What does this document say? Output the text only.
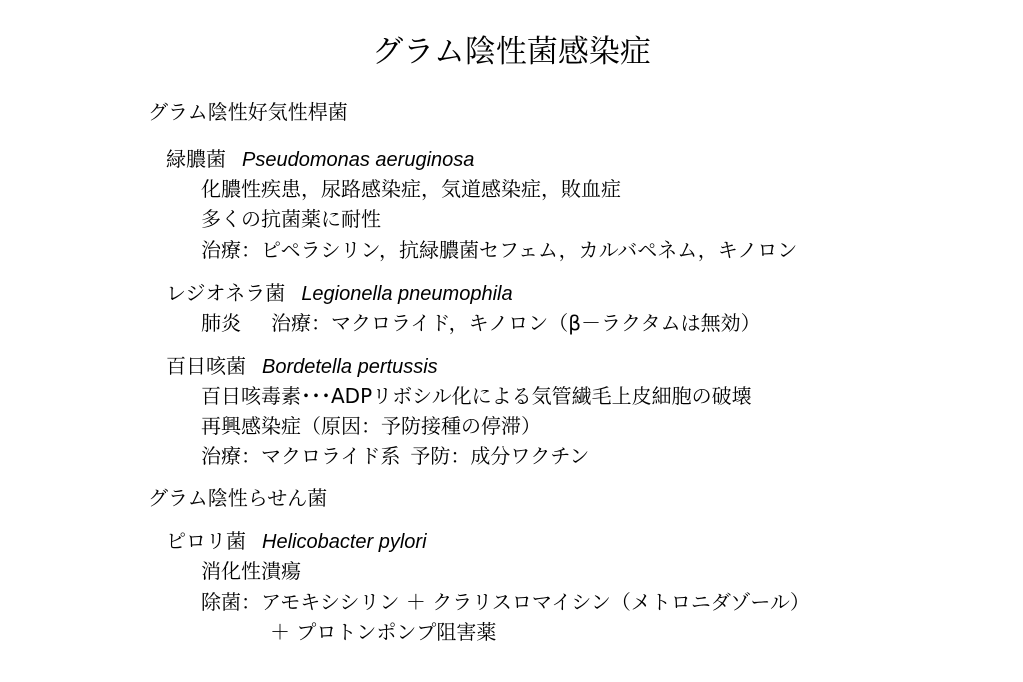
グラム陰性菌感染症
グラム陰性好気性桿菌
緑膿菌 Pseudomonas aeruginosa
化膿性疾患，尿路感染症，気道感染症，敗血症
多くの抗菌薬に耐性
治療：ピペラシリン，抗緑膿菌セフェム，カルバペネム，キノロン
レジオネラ菌 Legionella pneumophila
肺炎 治療：マクロライド，キノロン（β－ラクタムは無効）
百日咳菌 Bordetella pertussis
百日咳毒素･･･ADPリボシル化による気管繊毛上皮細胞の破壊
再興感染症（原因：予防接種の停滞）
治療：マクロライド系 予防：成分ワクチン
グラム陰性らせん菌
ピロリ菌 Helicobacter pylori
消化性潰瘍
除菌：アモキシシリン ＋ クラリスロマイシン（メトロニダゾール）
＋ プロトンポンプ阻害薬
